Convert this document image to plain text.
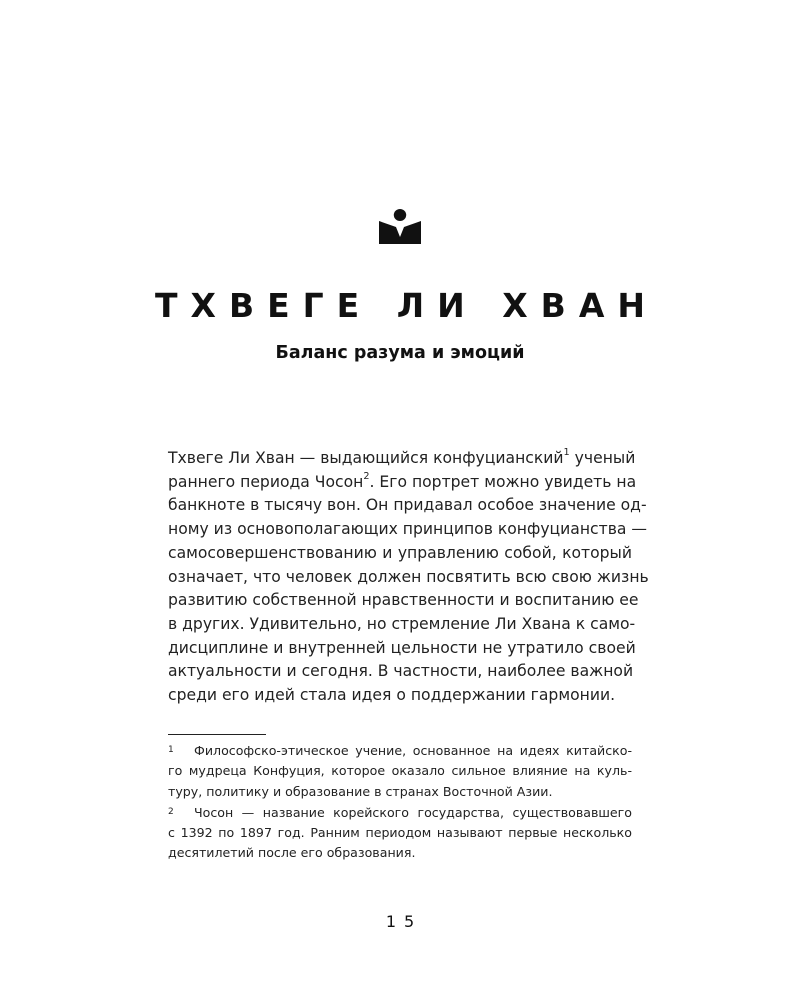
ТХВЕГЕ ЛИ ХВАН
Баланс разума и эмоций
Тхвеге Ли Хван — выдающийся конфуцианский$^1$ ученый
раннего периода Чосон$^2$. Его портрет можно увидеть на
банкноте в тысячу вон. Он придавал особое значение од-
ному из основополагающих принципов конфуцианства —
самосовершенствованию и управлению собой, который
означает, что человек должен посвятить всю свою жизнь
развитию собственной нравственности и воспитанию ее
в других. Удивительно, но стремление Ли Хвана к само-
дисциплине и внутренней цельности не утратило своей
актуальности и сегодня. В частности, наиболее важной
среди его идей стала идея о поддержании гармонии.
1 Философско-этическое учение, основанное на идеях китайско-
го мудреца Конфуция, которое оказало сильное влияние на куль-
туру, политику и образование в странах Восточной Азии.
2 Чосон — название корейского государства, существовавшего
с 1392 по 1897 год. Ранним периодом называют первые несколько
десятилетий после его образования.
15
